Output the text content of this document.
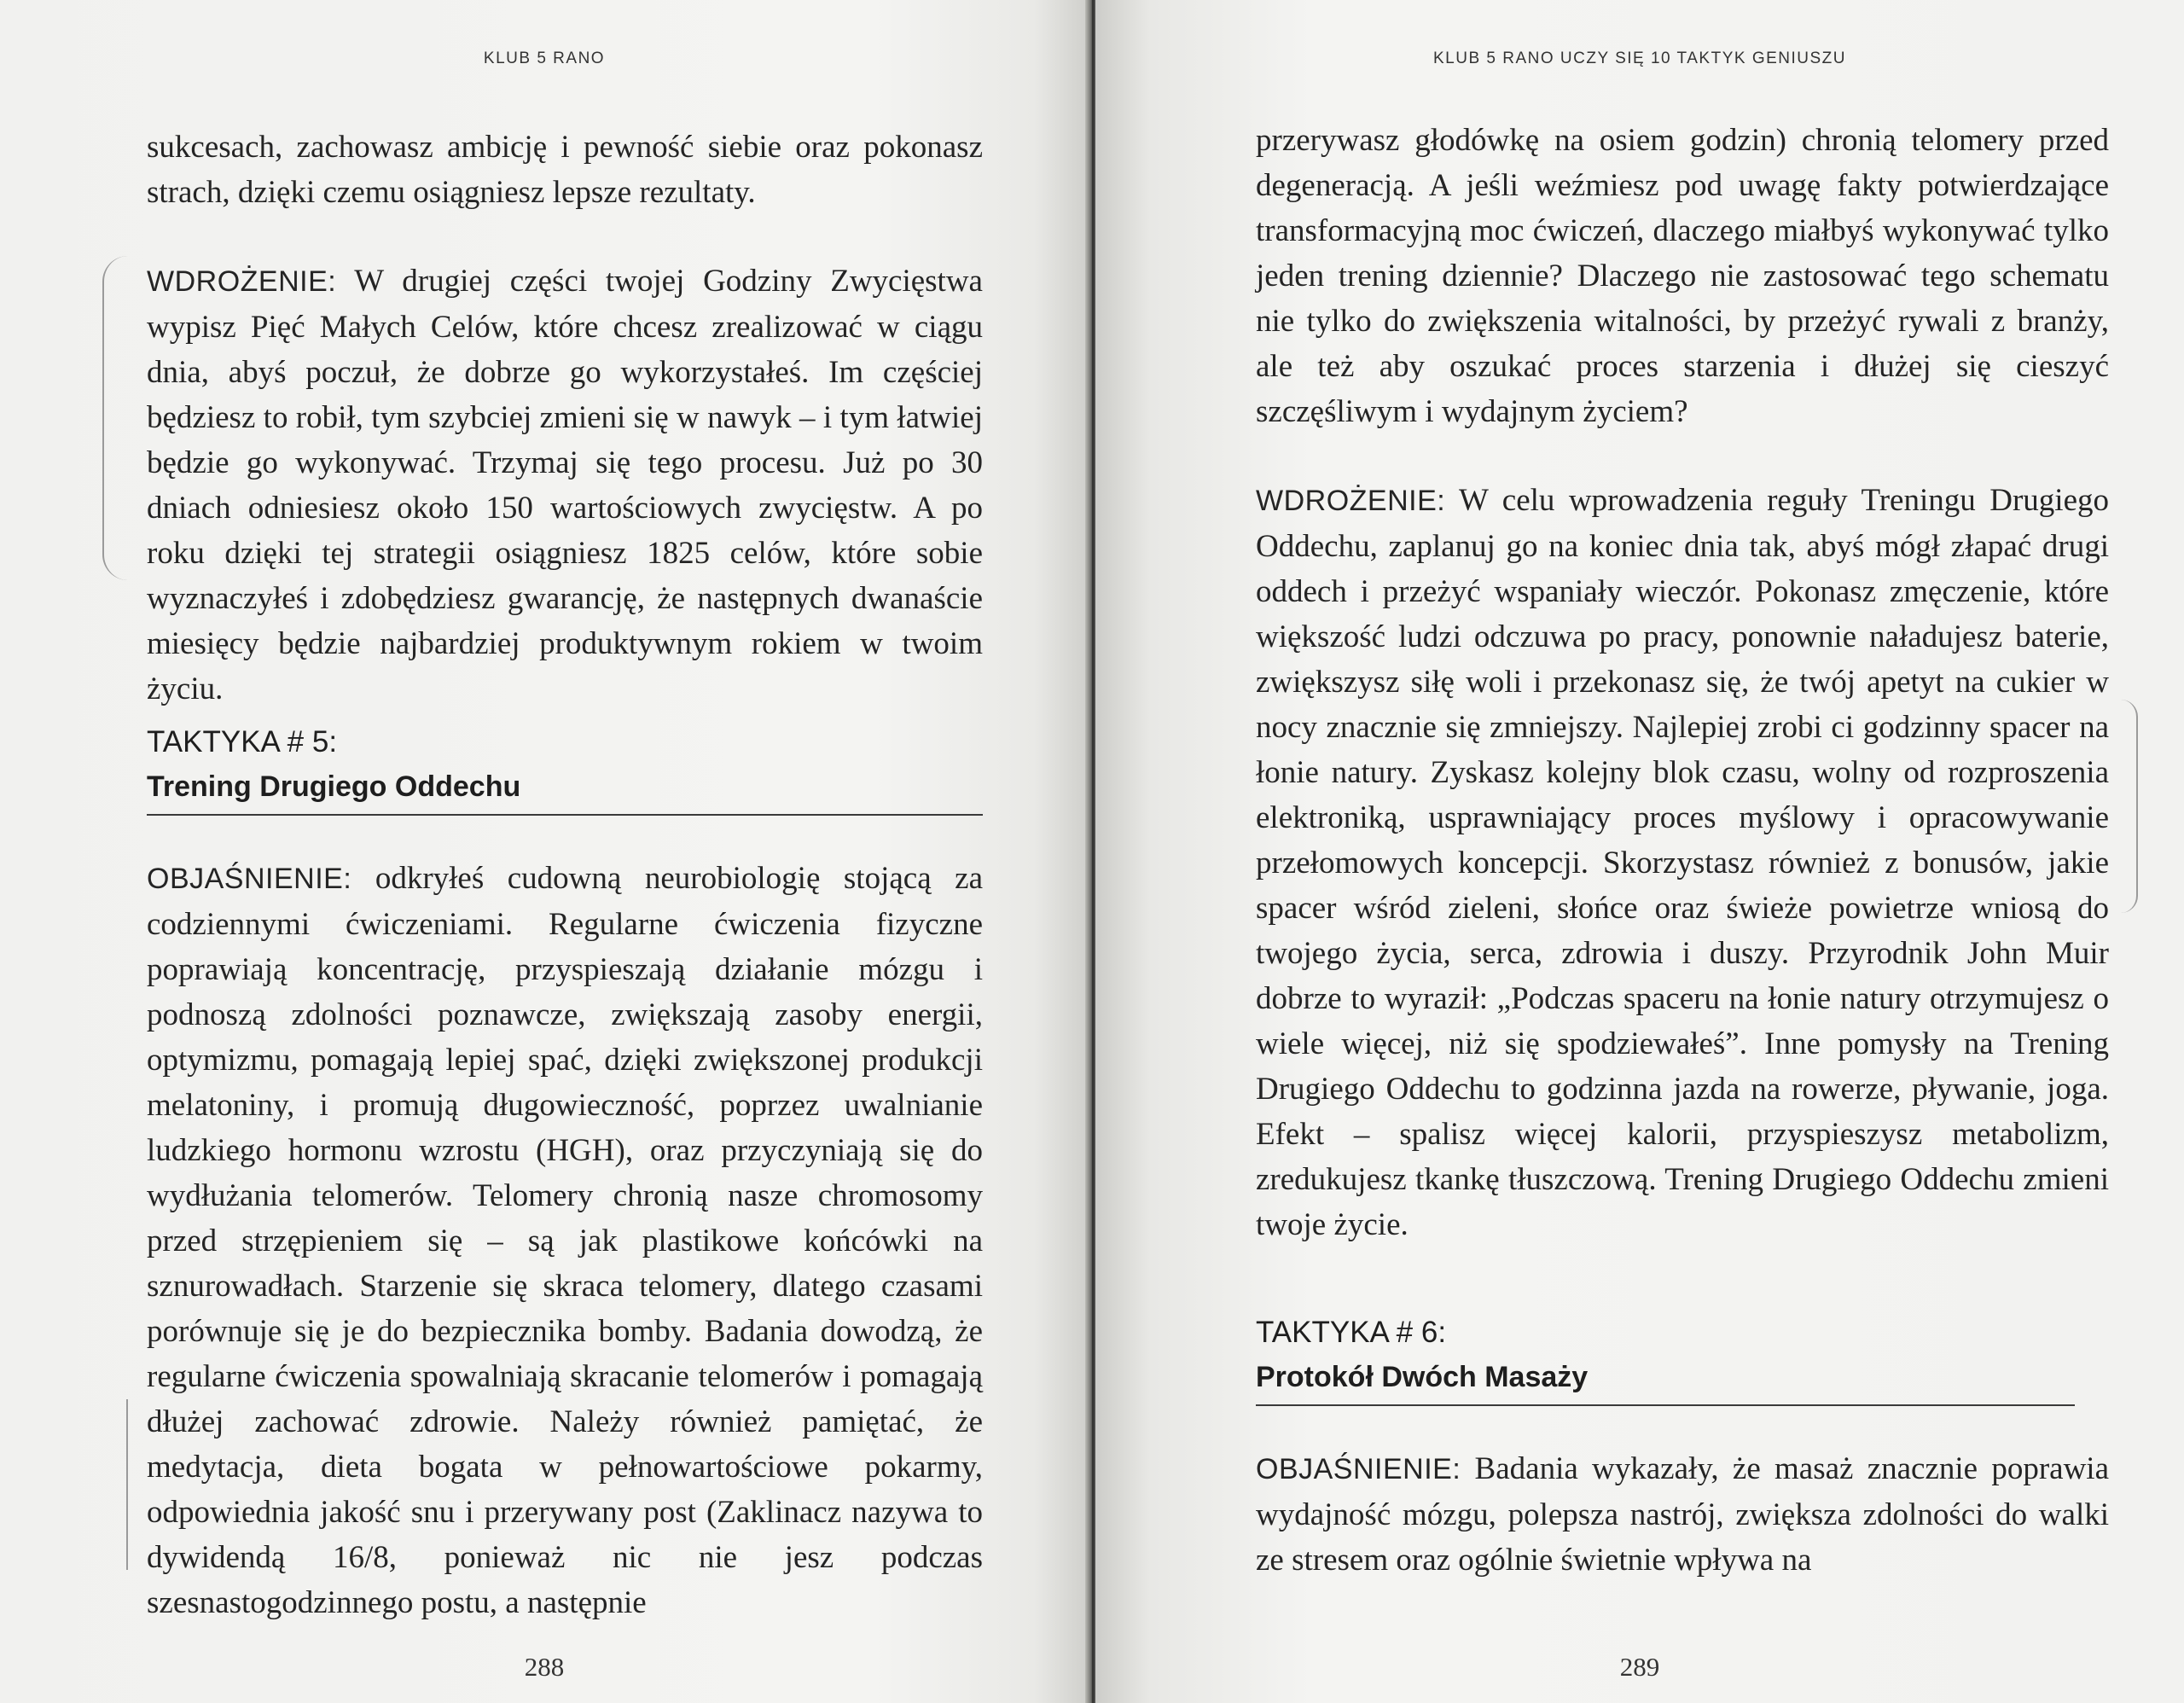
KLUB 5 RANO

sukcesach, zachowasz ambicję i pewność siebie oraz pokonasz strach, dzięki czemu osiągniesz lepsze rezultaty.

WDROŻENIE: W drugiej części twojej Godziny Zwycięstwa wypisz Pięć Małych Celów, które chcesz zrealizować w ciągu dnia, abyś poczuł, że dobrze go wykorzystałeś. Im częściej będziesz to robił, tym szybciej zmieni się w nawyk – i tym łatwiej będzie go wykonywać. Trzymaj się tego procesu. Już po 30 dniach odniesiesz około 150 wartościowych zwycięstw. A po roku dzięki tej strategii osiągniesz 1825 celów, które sobie wyznaczyłeś i zdobędziesz gwarancję, że następnych dwanaście miesięcy będzie najbardziej produktywnym rokiem w twoim życiu.

TAKTYKA # 5:
Trening Drugiego Oddechu

OBJAŚNIENIE: odkryłeś cudowną neurobiologię stojącą za codziennymi ćwiczeniami. Regularne ćwiczenia fizyczne poprawiają koncentrację, przyspieszają działanie mózgu i podnoszą zdolności poznawcze, zwiększają zasoby energii, optymizmu, pomagają lepiej spać, dzięki zwiększonej produkcji melatoniny, i promują długowieczność, poprzez uwalnianie ludzkiego hormonu wzrostu (HGH), oraz przyczyniają się do wydłużania telomerów. Telomery chronią nasze chromosomy przed strzępieniem się – są jak plastikowe końcówki na sznurowadłach. Starzenie się skraca telomery, dlatego czasami porównuje się je do bezpiecznika bomby. Badania dowodzą, że regularne ćwiczenia spowalniają skracanie telomerów i pomagają dłużej zachować zdrowie. Należy również pamiętać, że medytacja, dieta bogata w pełnowartościowe pokarmy, odpowiednia jakość snu i przerywany post (Zaklinacz nazywa to dywidendą 16/8, ponieważ nic nie jesz podczas szesnastogodzinnego postu, a następnie

288
KLUB 5 RANO UCZY SIĘ 10 TAKTYK GENIUSZU

przerywasz głodówkę na osiem godzin) chronią telomery przed degeneracją. A jeśli weźmiesz pod uwagę fakty potwierdzające transformacyjną moc ćwiczeń, dlaczego miałbyś wykonywać tylko jeden trening dziennie? Dlaczego nie zastosować tego schematu nie tylko do zwiększenia witalności, by przeżyć rywali z branży, ale też aby oszukać proces starzenia i dłużej się cieszyć szczęśliwym i wydajnym życiem?

WDROŻENIE: W celu wprowadzenia reguły Treningu Drugiego Oddechu, zaplanuj go na koniec dnia tak, abyś mógł złapać drugi oddech i przeżyć wspaniały wieczór. Pokonasz zmęczenie, które większość ludzi odczuwa po pracy, ponownie naładujesz baterie, zwiększysz siłę woli i przekonasz się, że twój apetyt na cukier w nocy znacznie się zmniejszy. Najlepiej zrobi ci godzinny spacer na łonie natury. Zyskasz kolejny blok czasu, wolny od rozproszenia elektroniką, usprawniający proces myślowy i opracowywanie przełomowych koncepcji. Skorzystasz również z bonusów, jakie spacer wśród zieleni, słońce oraz świeże powietrze wniosą do twojego życia, serca, zdrowia i duszy. Przyrodnik John Muir dobrze to wyraził: „Podczas spaceru na łonie natury otrzymujesz o wiele więcej, niż się spodziewałeś”. Inne pomysły na Trening Drugiego Oddechu to godzinna jazda na rowerze, pływanie, joga. Efekt – spalisz więcej kalorii, przyspieszysz metabolizm, zredukujesz tkankę tłuszczową. Trening Drugiego Oddechu zmieni twoje życie.

TAKTYKA # 6:
Protokół Dwóch Masaży

OBJAŚNIENIE: Badania wykazały, że masaż znacznie poprawia wydajność mózgu, polepsza nastrój, zwiększa zdolności do walki ze stresem oraz ogólnie świetnie wpływa na

289
